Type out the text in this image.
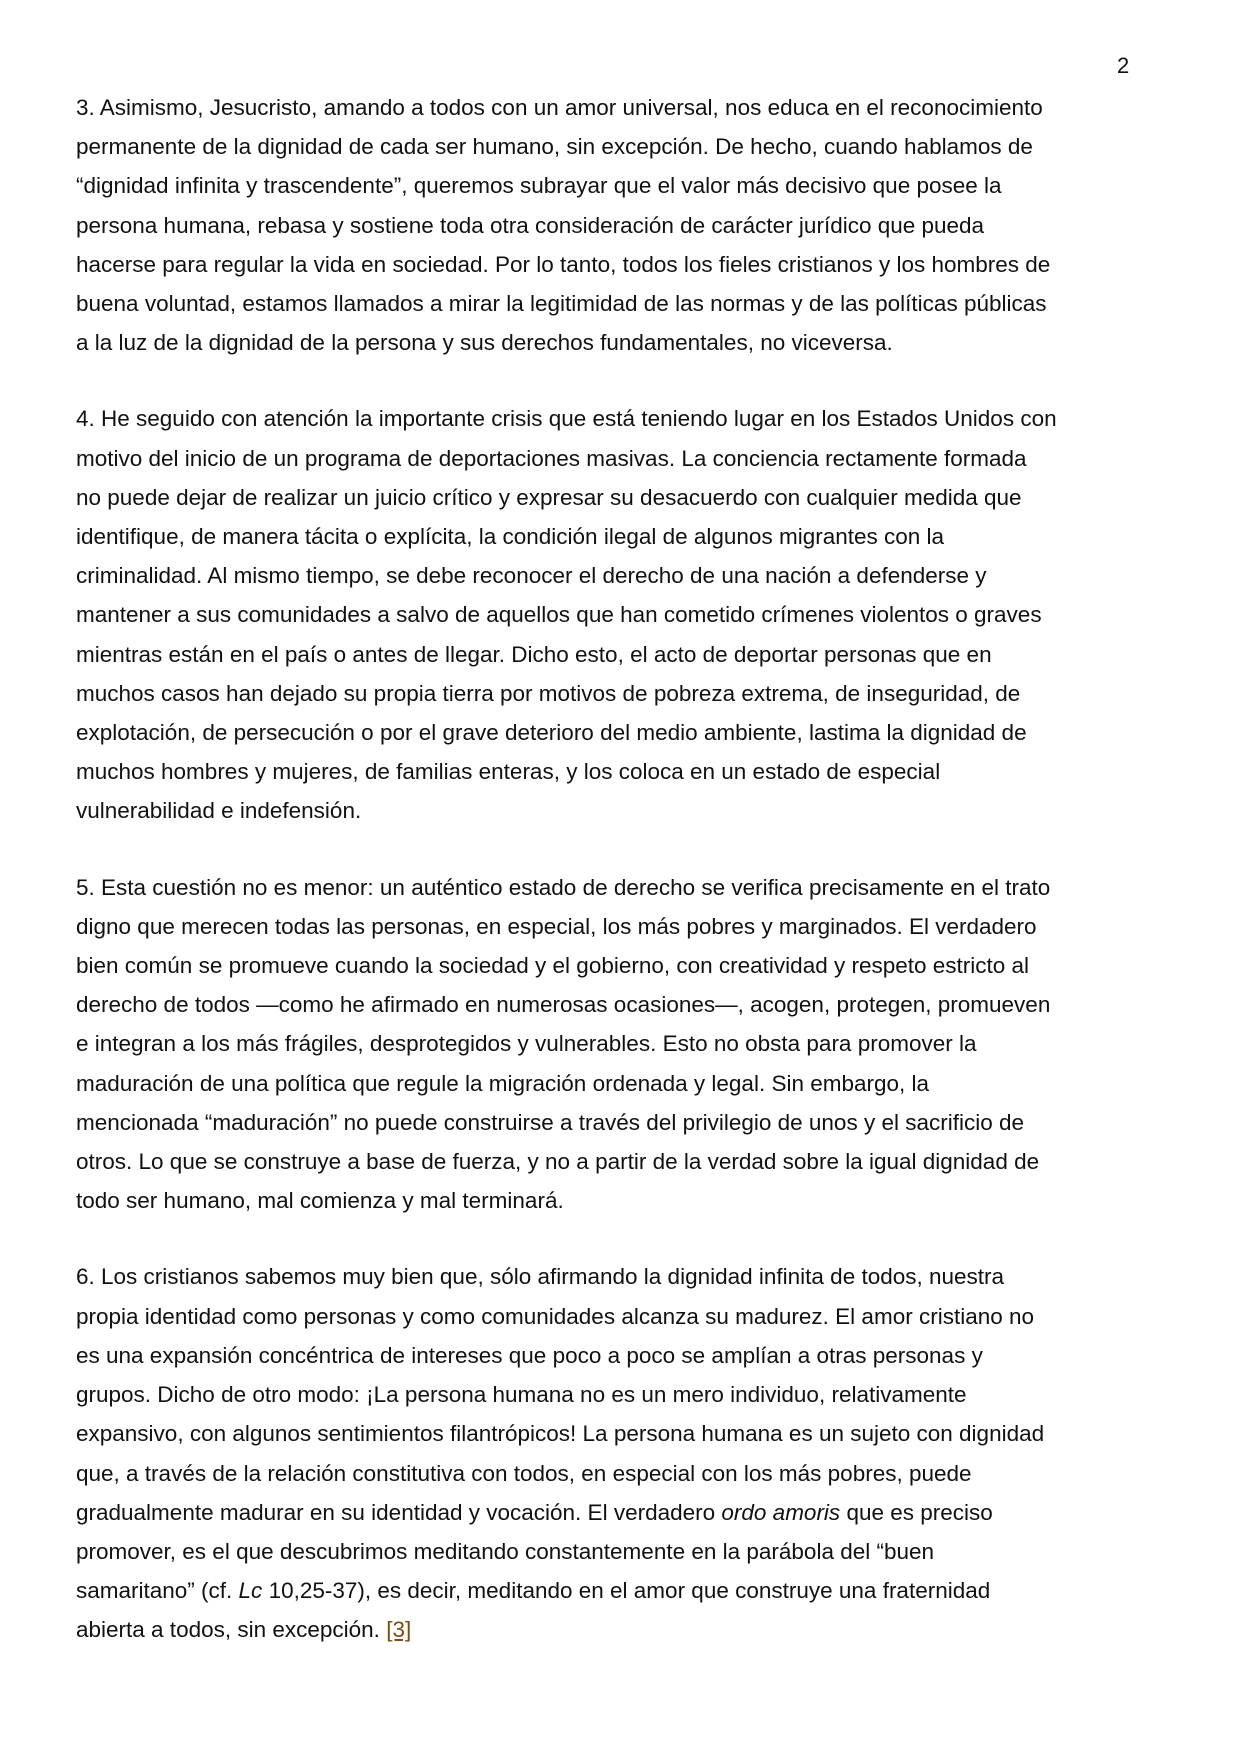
2

3. Asimismo, Jesucristo, amando a todos con un amor universal, nos educa en el reconocimiento
permanente de la dignidad de cada ser humano, sin excepción. De hecho, cuando hablamos de
“dignidad infinita y trascendente”, queremos subrayar que el valor más decisivo que posee la
persona humana, rebasa y sostiene toda otra consideración de carácter jurídico que pueda
hacerse para regular la vida en sociedad. Por lo tanto, todos los fieles cristianos y los hombres de
buena voluntad, estamos llamados a mirar la legitimidad de las normas y de las políticas públicas
a la luz de la dignidad de la persona y sus derechos fundamentales, no viceversa.

4. He seguido con atención la importante crisis que está teniendo lugar en los Estados Unidos con
motivo del inicio de un programa de deportaciones masivas. La conciencia rectamente formada
no puede dejar de realizar un juicio crítico y expresar su desacuerdo con cualquier medida que
identifique, de manera tácita o explícita, la condición ilegal de algunos migrantes con la
criminalidad. Al mismo tiempo, se debe reconocer el derecho de una nación a defenderse y
mantener a sus comunidades a salvo de aquellos que han cometido crímenes violentos o graves
mientras están en el país o antes de llegar. Dicho esto, el acto de deportar personas que en
muchos casos han dejado su propia tierra por motivos de pobreza extrema, de inseguridad, de
explotación, de persecución o por el grave deterioro del medio ambiente, lastima la dignidad de
muchos hombres y mujeres, de familias enteras, y los coloca en un estado de especial
vulnerabilidad e indefensión.

5. Esta cuestión no es menor: un auténtico estado de derecho se verifica precisamente en el trato
digno que merecen todas las personas, en especial, los más pobres y marginados. El verdadero
bien común se promueve cuando la sociedad y el gobierno, con creatividad y respeto estricto al
derecho de todos —como he afirmado en numerosas ocasiones—, acogen, protegen, promueven
e integran a los más frágiles, desprotegidos y vulnerables. Esto no obsta para promover la
maduración de una política que regule la migración ordenada y legal. Sin embargo, la
mencionada “maduración” no puede construirse a través del privilegio de unos y el sacrificio de
otros. Lo que se construye a base de fuerza, y no a partir de la verdad sobre la igual dignidad de
todo ser humano, mal comienza y mal terminará.

6. Los cristianos sabemos muy bien que, sólo afirmando la dignidad infinita de todos, nuestra
propia identidad como personas y como comunidades alcanza su madurez. El amor cristiano no
es una expansión concéntrica de intereses que poco a poco se amplían a otras personas y
grupos. Dicho de otro modo: ¡La persona humana no es un mero individuo, relativamente
expansivo, con algunos sentimientos filantrópicos! La persona humana es un sujeto con dignidad
que, a través de la relación constitutiva con todos, en especial con los más pobres, puede
gradualmente madurar en su identidad y vocación. El verdadero ordo amoris que es preciso
promover, es el que descubrimos meditando constantemente en la parábola del “buen
samaritano” (cf. Lc 10,25-37), es decir, meditando en el amor que construye una fraternidad
abierta a todos, sin excepción. [3]
